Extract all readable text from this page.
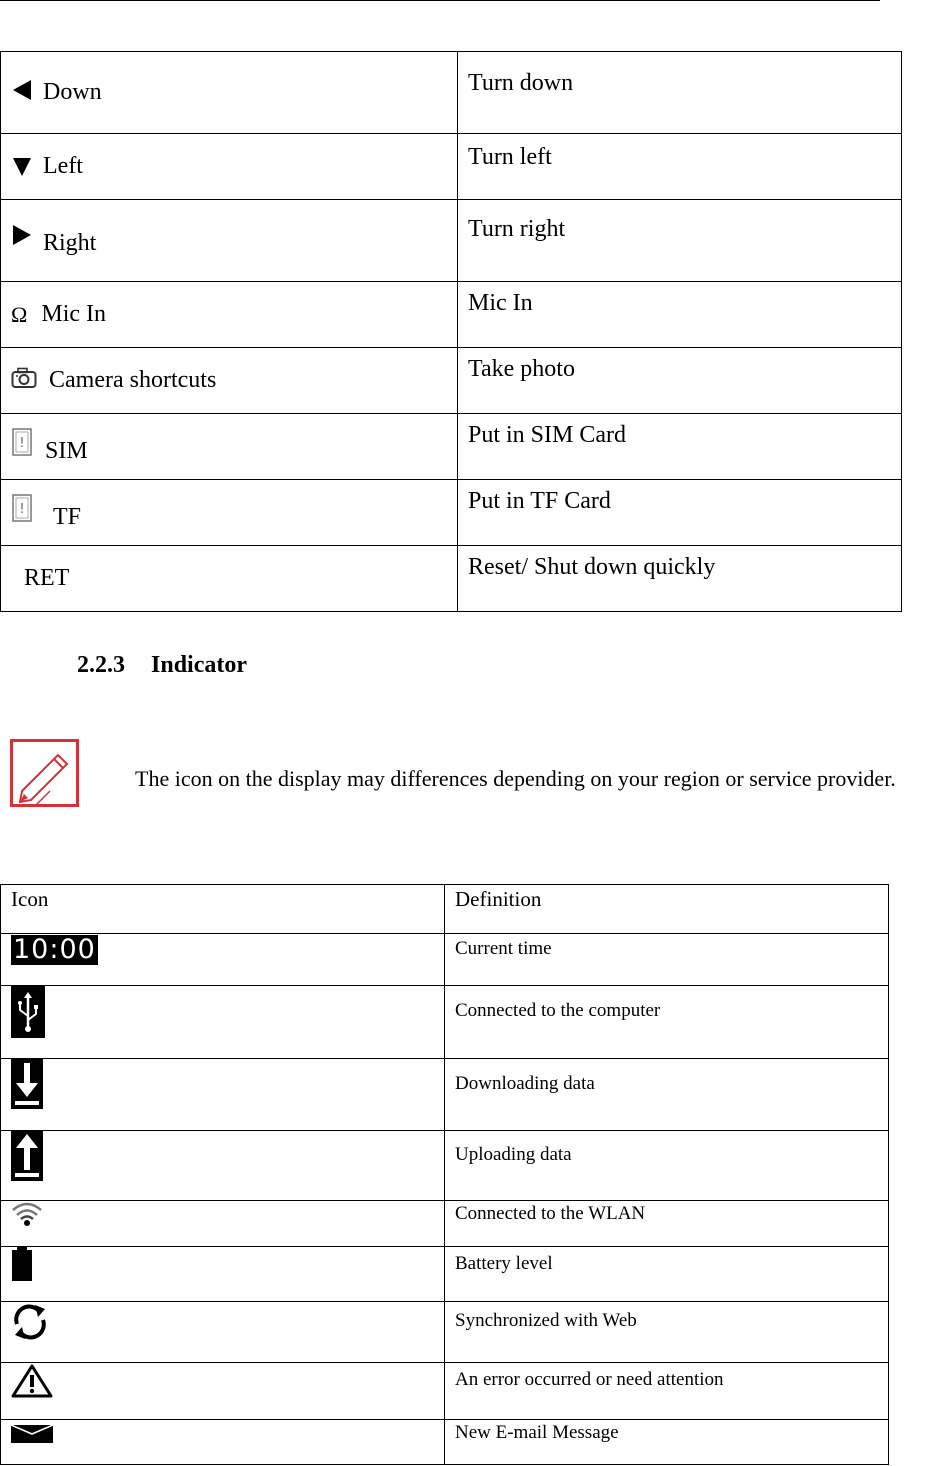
Down	Turn down
Left	Turn left
Right	Turn right
Ω Mic In	Mic In
Camera shortcuts	Take photo

! SIM	Put in SIM Card

! TF	Put in TF Card
RET	Reset/ Shut down quickly
2.2.3 Indicator
The icon on the display may differences depending on your region or service provider.
Icon	Definition
10:00	Current time

	Connected to the computer

	Downloading data

	Uploading data

	Connected to the WLAN

	Battery level

	Synchronized with Web

	An error occurred or need attention

	New E-mail Message
